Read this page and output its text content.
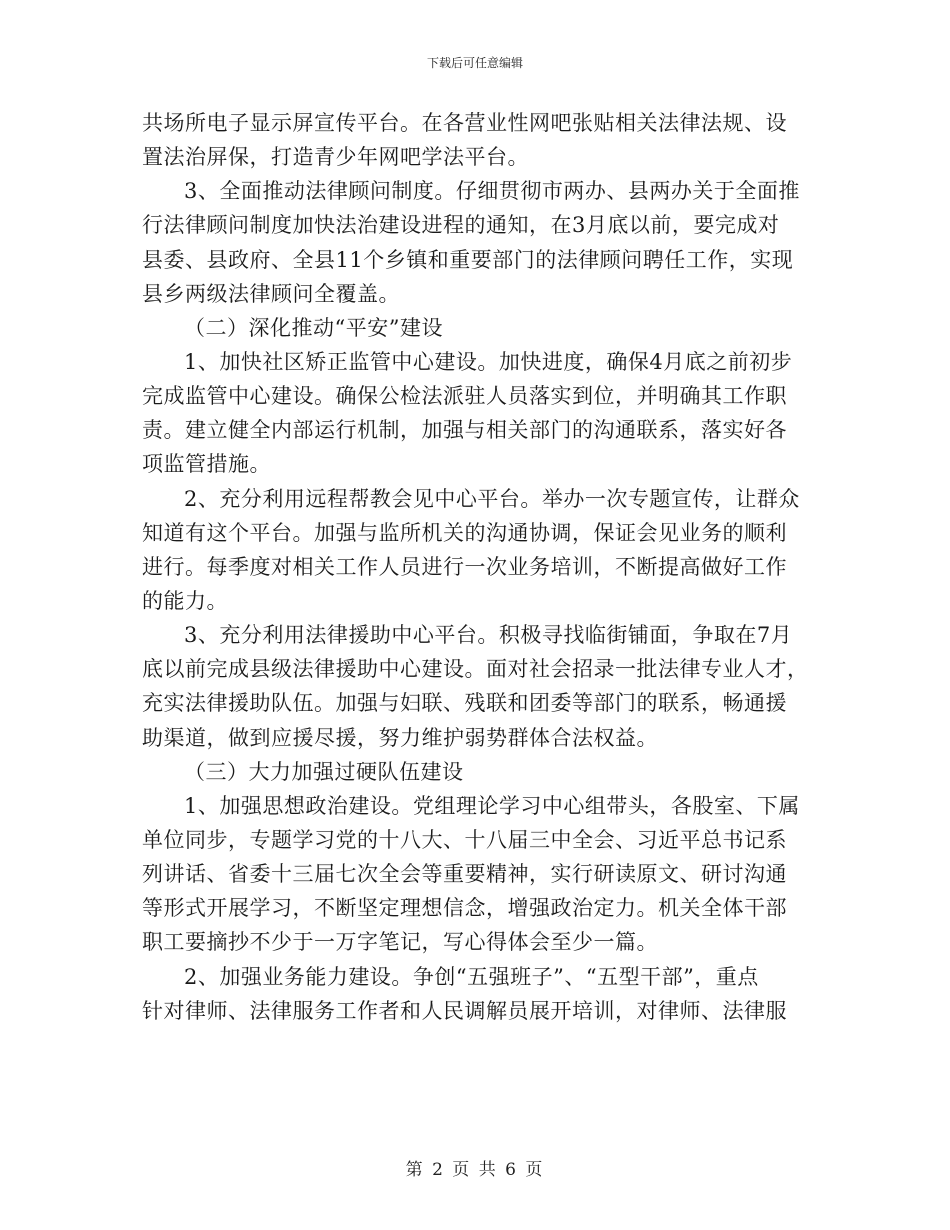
下载后可任意编辑
共场所电子显示屏宣传平台。在各营业性网吧张贴相关法律法规、设
置法治屏保，打造青少年网吧学法平台。
3、全面推动法律顾问制度。仔细贯彻市两办、县两办关于全面推
行法律顾问制度加快法治建设进程的通知，在3月底以前，要完成对
县委、县政府、全县11个乡镇和重要部门的法律顾问聘任工作，实现
县乡两级法律顾问全覆盖。
（二）深化推动“平安”建设
1、加快社区矫正监管中心建设。加快进度，确保4月底之前初步
完成监管中心建设。确保公检法派驻人员落实到位，并明确其工作职
责。建立健全内部运行机制，加强与相关部门的沟通联系，落实好各
项监管措施。
2、充分利用远程帮教会见中心平台。举办一次专题宣传，让群众
知道有这个平台。加强与监所机关的沟通协调，保证会见业务的顺利
进行。每季度对相关工作人员进行一次业务培训，不断提高做好工作
的能力。
3、充分利用法律援助中心平台。积极寻找临街铺面，争取在7月
底以前完成县级法律援助中心建设。面对社会招录一批法律专业人才，
充实法律援助队伍。加强与妇联、残联和团委等部门的联系，畅通援
助渠道，做到应援尽援，努力维护弱势群体合法权益。
（三）大力加强过硬队伍建设
1、加强思想政治建设。党组理论学习中心组带头，各股室、下属
单位同步，专题学习党的十八大、十八届三中全会、习近平总书记系
列讲话、省委十三届七次全会等重要精神，实行研读原文、研讨沟通
等形式开展学习，不断坚定理想信念，增强政治定力。机关全体干部
职工要摘抄不少于一万字笔记，写心得体会至少一篇。
2、加强业务能力建设。争创“五强班子”、“五型干部”，重点
针对律师、法律服务工作者和人民调解员展开培训，对律师、法律服
第 2 页 共 6 页
